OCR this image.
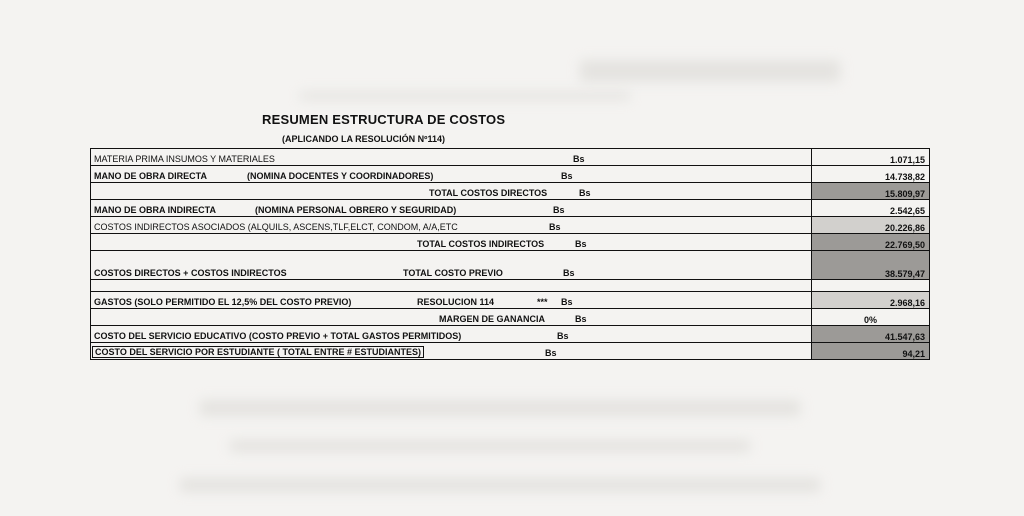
RESUMEN ESTRUCTURA DE COSTOS
(APLICANDO LA RESOLUCIÓN Nº114)
MATERIA PRIMA INSUMOS Y MATERIALES	Bs	1.071,15
MANO DE OBRA DIRECTA	(NOMINA DOCENTES Y COORDINADORES)	Bs	14.738,82
TOTAL COSTOS DIRECTOS	Bs	15.809,97
MANO DE OBRA INDIRECTA	(NOMINA PERSONAL OBRERO Y SEGURIDAD)	Bs	2.542,65
COSTOS INDIRECTOS ASOCIADOS (ALQUILS, ASCENS,TLF,ELCT, CONDOM, A/A,ETC	Bs	20.226,86
TOTAL COSTOS INDIRECTOS	Bs	22.769,50
COSTOS DIRECTOS + COSTOS INDIRECTOS	TOTAL COSTO PREVIO	Bs	38.579,47
GASTOS (SOLO PERMITIDO EL 12,5% DEL COSTO PREVIO)	RESOLUCION 114	*** Bs	2.968,16
MARGEN DE GANANCIA	Bs	0%
COSTO DEL SERVICIO EDUCATIVO (COSTO PREVIO + TOTAL GASTOS PERMITIDOS)	Bs	41.547,63
COSTO DEL SERVICIO POR ESTUDIANTE ( TOTAL ENTRE # ESTUDIANTES)	Bs	94,21
